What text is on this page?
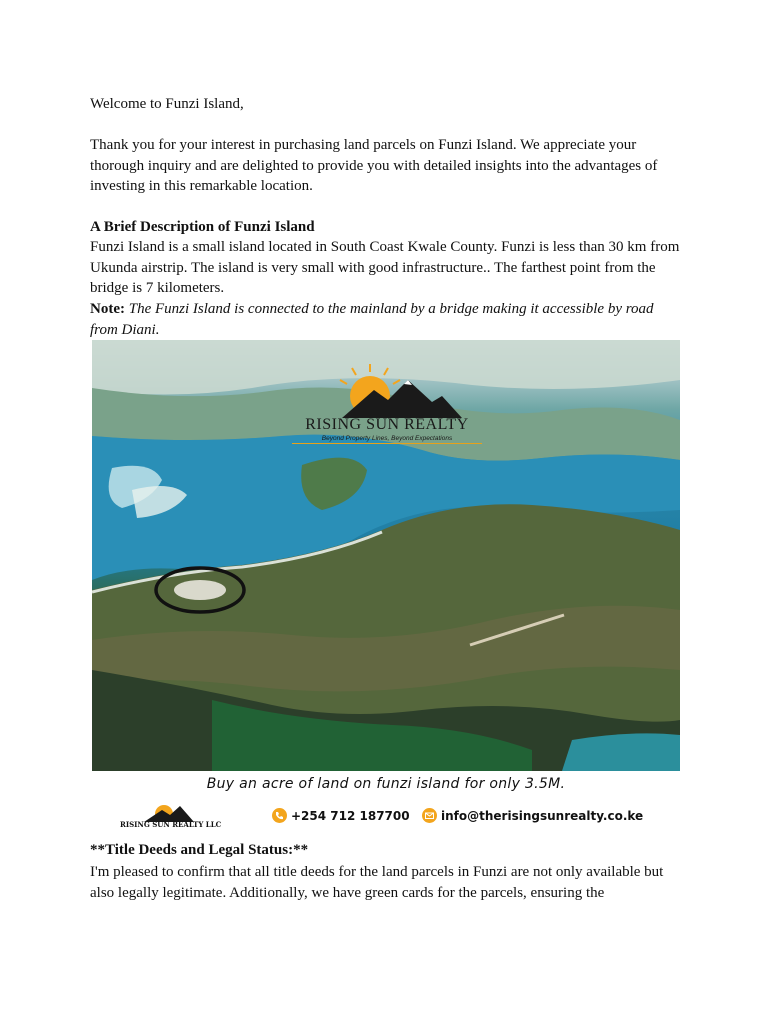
Welcome to Funzi Island,
Thank you for your interest in purchasing land parcels on Funzi Island. We appreciate your thorough inquiry and are delighted to provide you with detailed insights into the advantages of investing in this remarkable location.
A Brief Description of Funzi Island
Funzi Island is a small island located in South Coast Kwale County. Funzi is less than 30 km from Ukunda airstrip. The island is very small with good infrastructure.. The farthest point from the bridge is 7 kilometers.
Note: The Funzi Island is connected to the mainland by a bridge making it accessible by road from Diani.
RISING SUN REALTY
Beyond Property Lines, Beyond Expectations
Buy an acre of land on funzi island for only 3.5M.
RISING SUN REALTY LLC
+254 712 187700	info@therisingsunrealty.co.ke
**Title Deeds and Legal Status:**
I'm pleased to confirm that all title deeds for the land parcels in Funzi are not only available but also legally legitimate. Additionally, we have green cards for the parcels, ensuring the
